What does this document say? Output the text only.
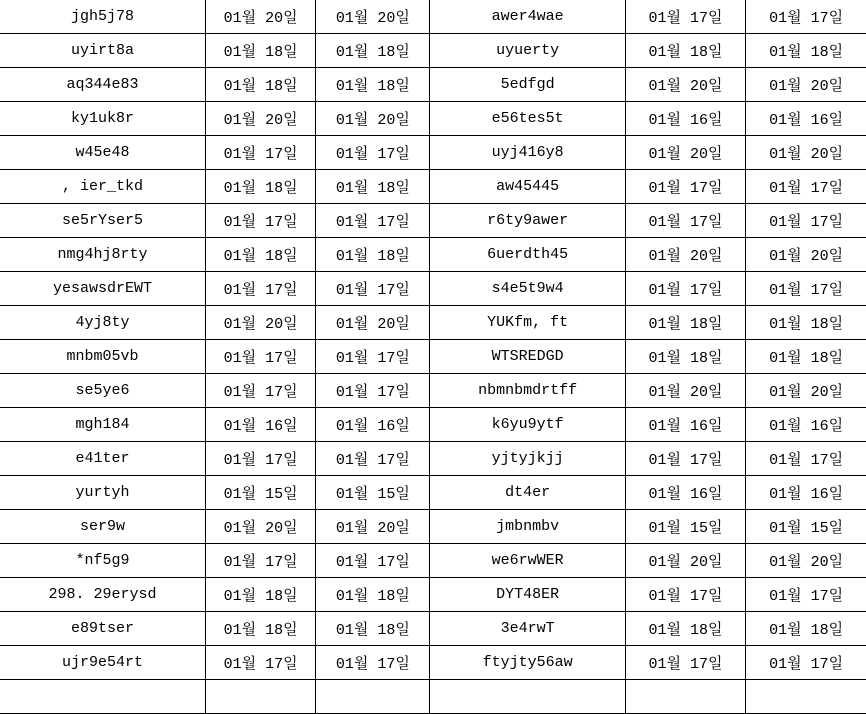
jgh5j78	01월 20일	01월 20일	awer4wae	01월 17일	01월 17일
uyirt8a	01월 18일	01월 18일	uyuerty	01월 18일	01월 18일
aq344e83	01월 18일	01월 18일	5edfgd	01월 20일	01월 20일
ky1uk8r	01월 20일	01월 20일	e56tes5t	01월 16일	01월 16일
w45e48	01월 17일	01월 17일	uyj416y8	01월 20일	01월 20일
, ier_tkd	01월 18일	01월 18일	aw45445	01월 17일	01월 17일
se5rYser5	01월 17일	01월 17일	r6ty9awer	01월 17일	01월 17일
nmg4hj8rty	01월 18일	01월 18일	6uerdth45	01월 20일	01월 20일
yesawsdrEWT	01월 17일	01월 17일	s4e5t9w4	01월 17일	01월 17일
4yj8ty	01월 20일	01월 20일	YUKfm, ft	01월 18일	01월 18일
mnbm05vb	01월 17일	01월 17일	WTSREDGD	01월 18일	01월 18일
se5ye6	01월 17일	01월 17일	nbmnbmdrtff	01월 20일	01월 20일
mgh184	01월 16일	01월 16일	k6yu9ytf	01월 16일	01월 16일
e41ter	01월 17일	01월 17일	yjtyjkjj	01월 17일	01월 17일
yurtyh	01월 15일	01월 15일	dt4er	01월 16일	01월 16일
ser9w	01월 20일	01월 20일	jmbnmbv	01월 15일	01월 15일
*nf5g9	01월 17일	01월 17일	we6rwWER	01월 20일	01월 20일
298. 29erysd	01월 18일	01월 18일	DYT48ER	01월 17일	01월 17일
e89tser	01월 18일	01월 18일	3e4rwT	01월 18일	01월 18일
ujr9e54rt	01월 17일	01월 17일	ftyjty56aw	01월 17일	01월 17일
